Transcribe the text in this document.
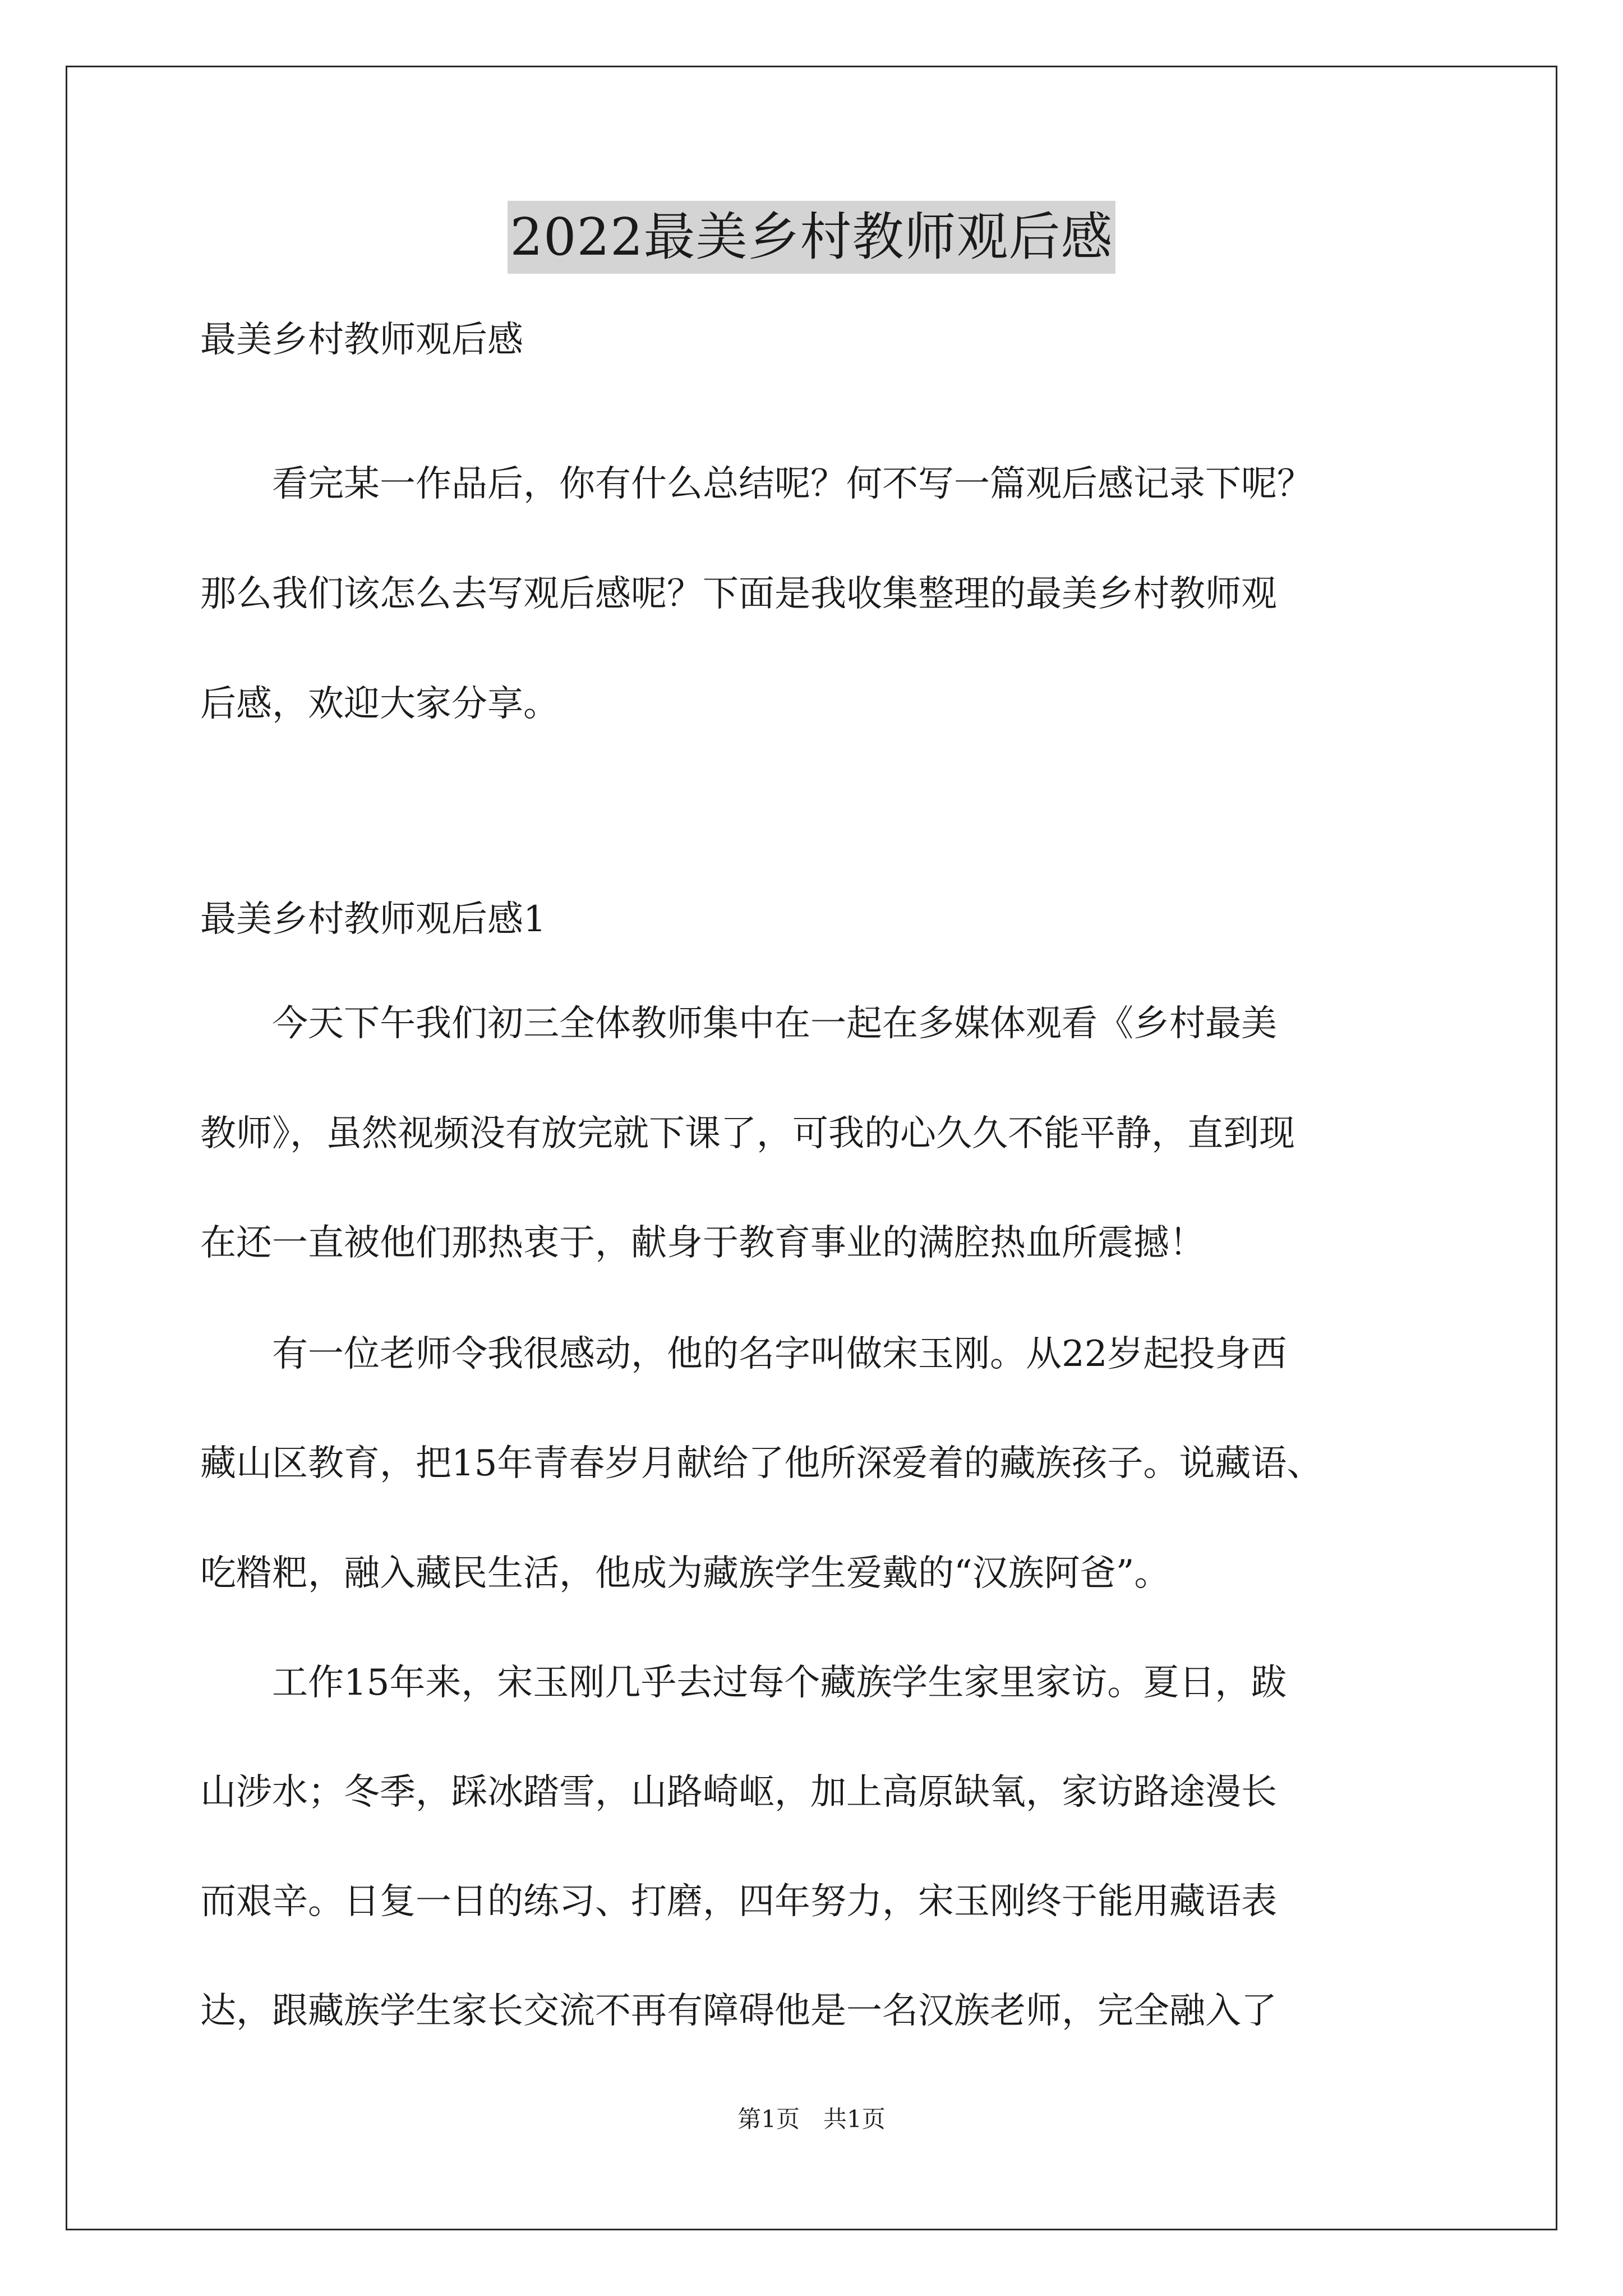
2022最美乡村教师观后感
最美乡村教师观后感
　　看完某一作品后，你有什么总结呢？何不写一篇观后感记录下呢？
那么我们该怎么去写观后感呢？下面是我收集整理的最美乡村教师观
后感，欢迎大家分享。
最美乡村教师观后感1
　　今天下午我们初三全体教师集中在一起在多媒体观看《乡村最美
教师》，虽然视频没有放完就下课了，可我的心久久不能平静，直到现
在还一直被他们那热衷于，献身于教育事业的满腔热血所震撼！
　　有一位老师令我很感动，他的名字叫做宋玉刚。从22岁起投身西
藏山区教育，把15年青春岁月献给了他所深爱着的藏族孩子。说藏语、
吃糌粑，融入藏民生活，他成为藏族学生爱戴的“汉族阿爸”。
　　工作15年来，宋玉刚几乎去过每个藏族学生家里家访。夏日，跋
山涉水；冬季，踩冰踏雪，山路崎岖，加上高原缺氧，家访路途漫长
而艰辛。日复一日的练习、打磨，四年努力，宋玉刚终于能用藏语表
达，跟藏族学生家长交流不再有障碍他是一名汉族老师，完全融入了
第1页　共1页
